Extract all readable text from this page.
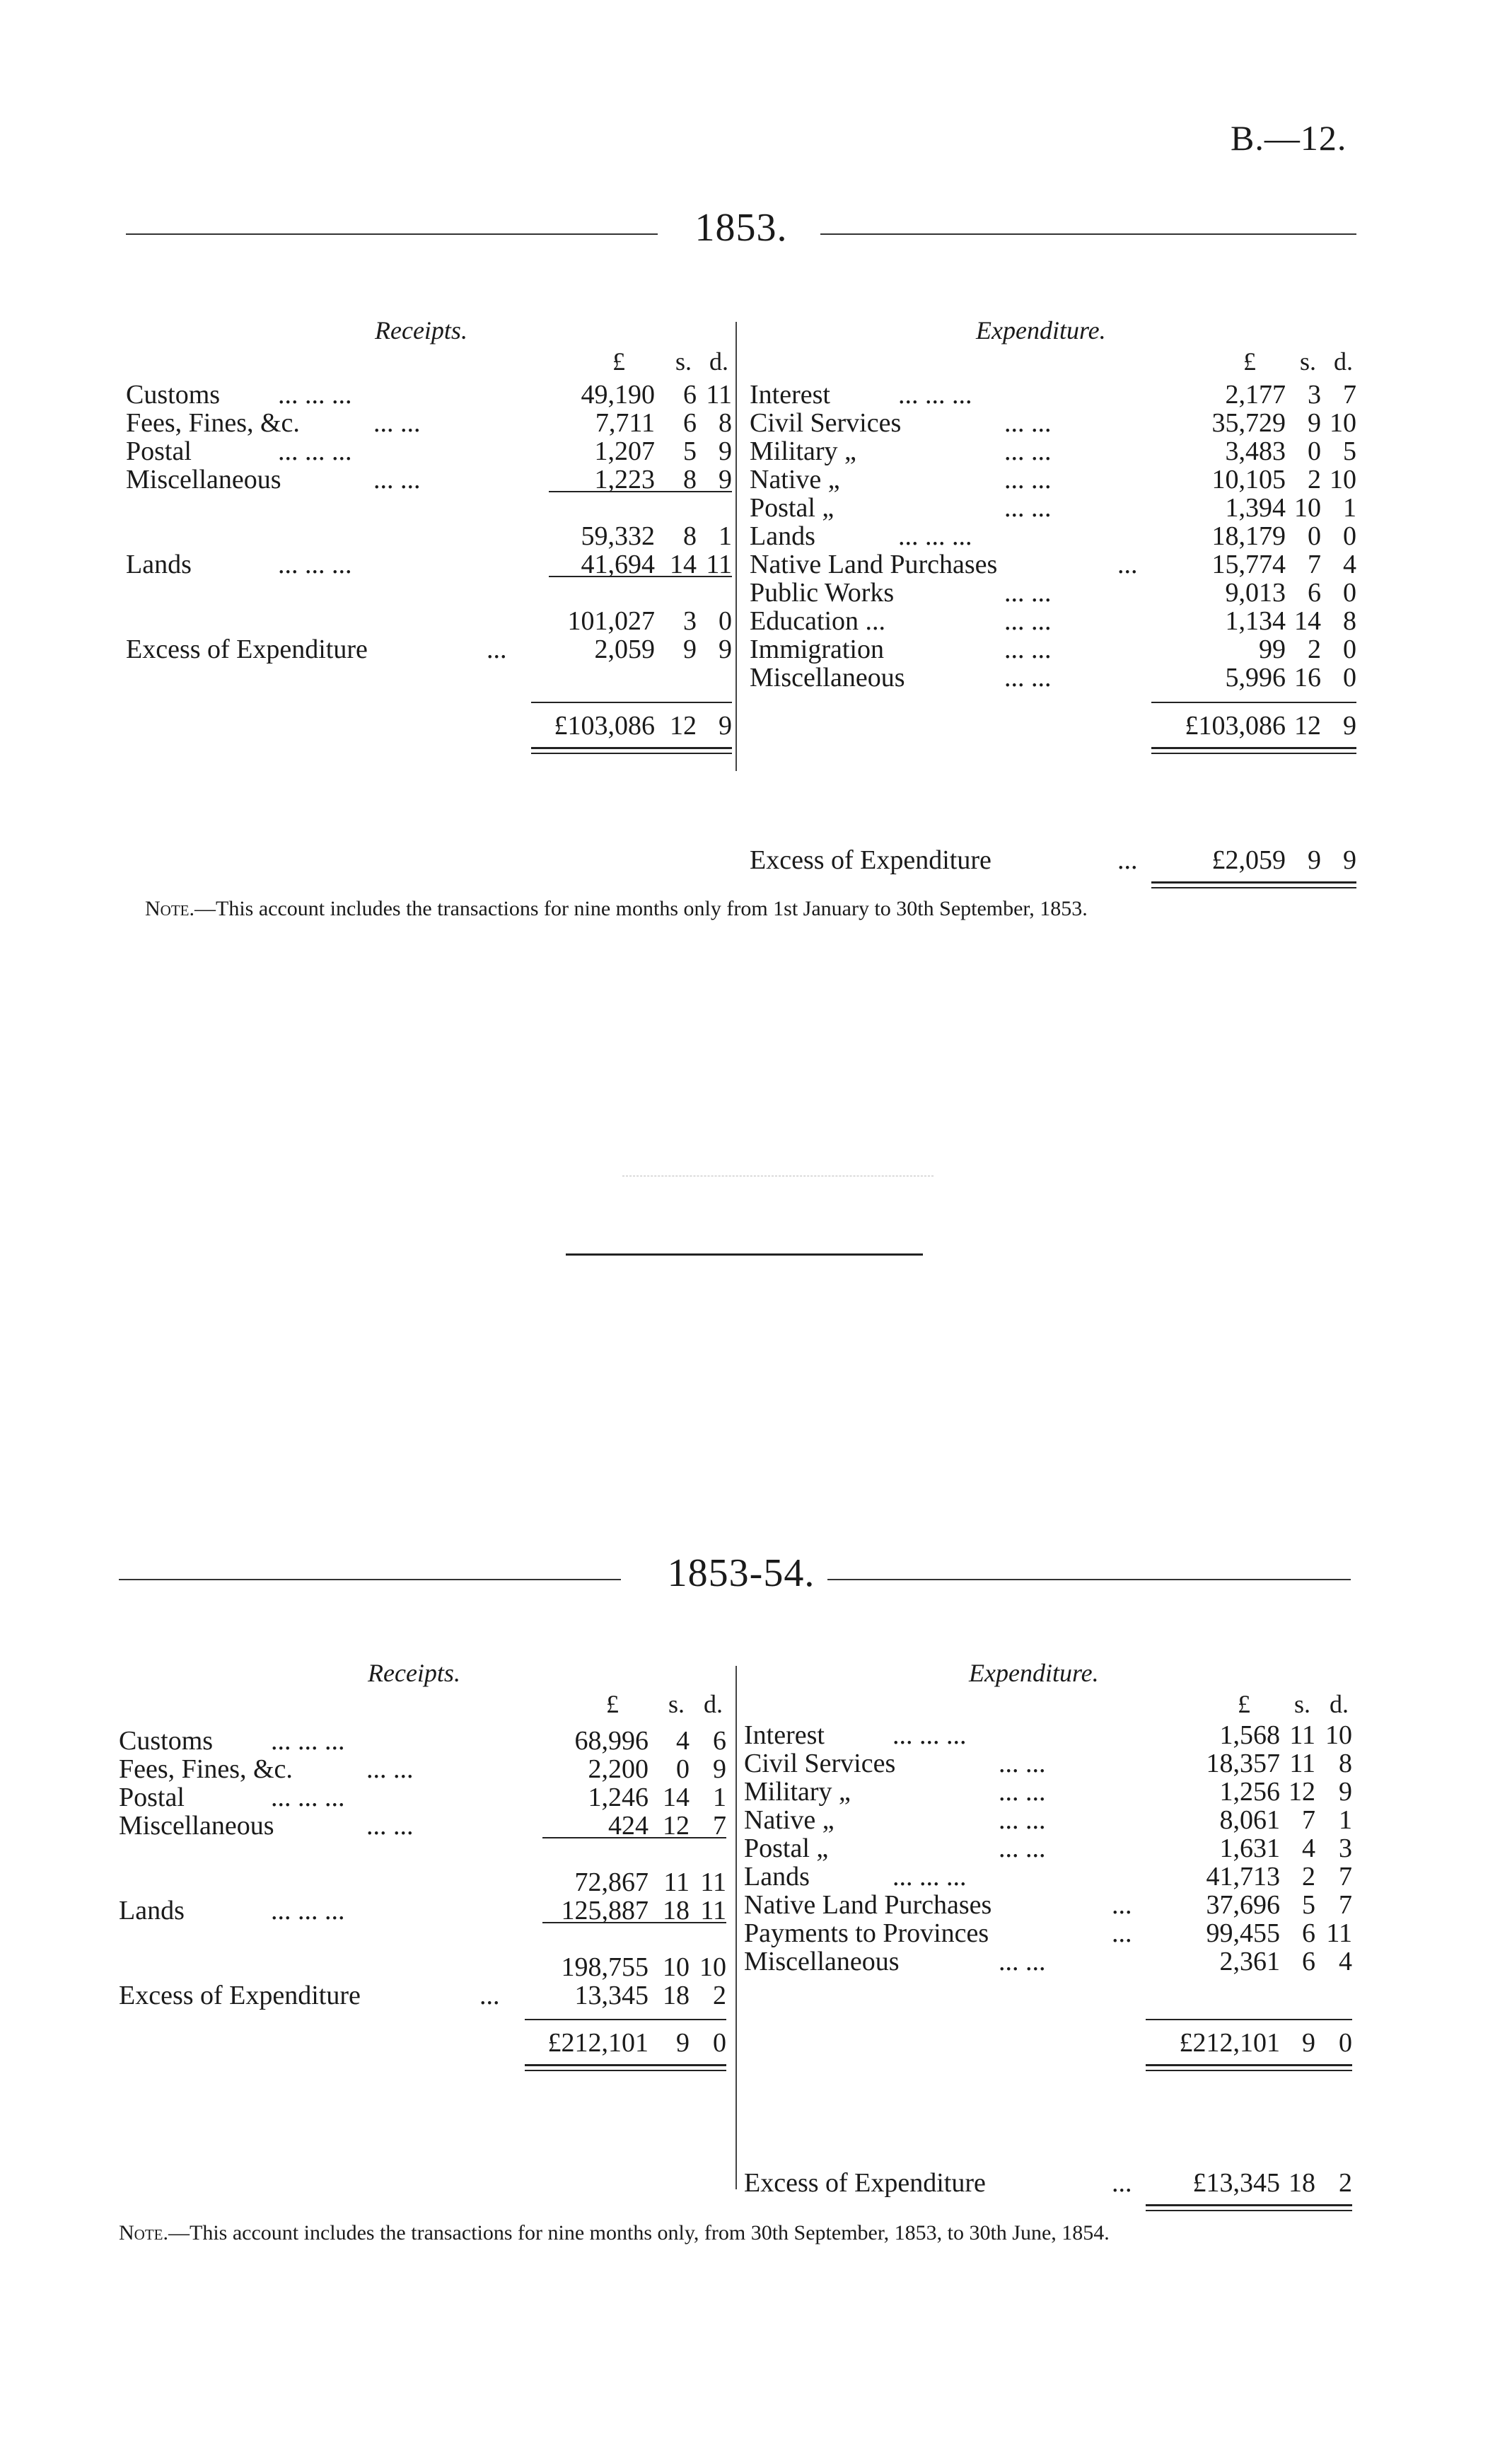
B.—12.
1853.
Receipts.	Expenditure.
£ s. d.	£ s. d.
Customs ... ... ...	49,190 6 11
Fees, Fines, &c.	... ...	7,711 6 8
Postal	... ... ...	1,207 5 9
Miscellaneous	... ...	1,223 8 9
59,332 8 1
Lands	... ... ...	41,694 14 11
101,027 3 0
Excess of Expenditure	...	2,059 9 9
£103,086 12 9
Interest	... ... ...	2,177 3 7
Civil Services	... ...	35,729 9 10
Military „	... ...	3,483 0 5
Native „	... ...	10,105 2 10
Postal „	... ...	1,394 10 1
Lands	... ... ...	18,179 0 0
Native Land Purchases	...	15,774 7 4
Public Works	... ...	9,013 6 0
Education ...	... ...	1,134 14 8
Immigration	... ...	99 2 0
Miscellaneous	... ...	5,996 16 0
£103,086 12 9
Excess of Expenditure	...	£2,059 9 9
Note.—This account includes the transactions for nine months only from 1st January to 30th September, 1853.
1853-54.
Receipts.	Expenditure.
£ s. d.	£ s. d.
Customs ... ... ...	68,996 4 6
Fees, Fines, &c.	... ...	2,200 0 9
Postal	... ... ...	1,246 14 1
Miscellaneous	... ...	424 12 7
72,867 11 11
Lands	... ... ...	125,887 18 11
198,755 10 10
Excess of Expenditure	...	13,345 18 2
£212,101 9 0
Interest	... ... ...	1,568 11 10
Civil Services	... ...	18,357 11 8
Military „	... ...	1,256 12 9
Native „	... ...	8,061 7 1
Postal „	... ...	1,631 4 3
Lands	... ... ...	41,713 2 7
Native Land Purchases	...	37,696 5 7
Payments to Provinces	...	99,455 6 11
Miscellaneous	... ...	2,361 6 4
£212,101 9 0
Excess of Expenditure	... £13,345 18 2
Note.—This account includes the transactions for nine months only, from 30th September, 1853, to 30th June, 1854.
